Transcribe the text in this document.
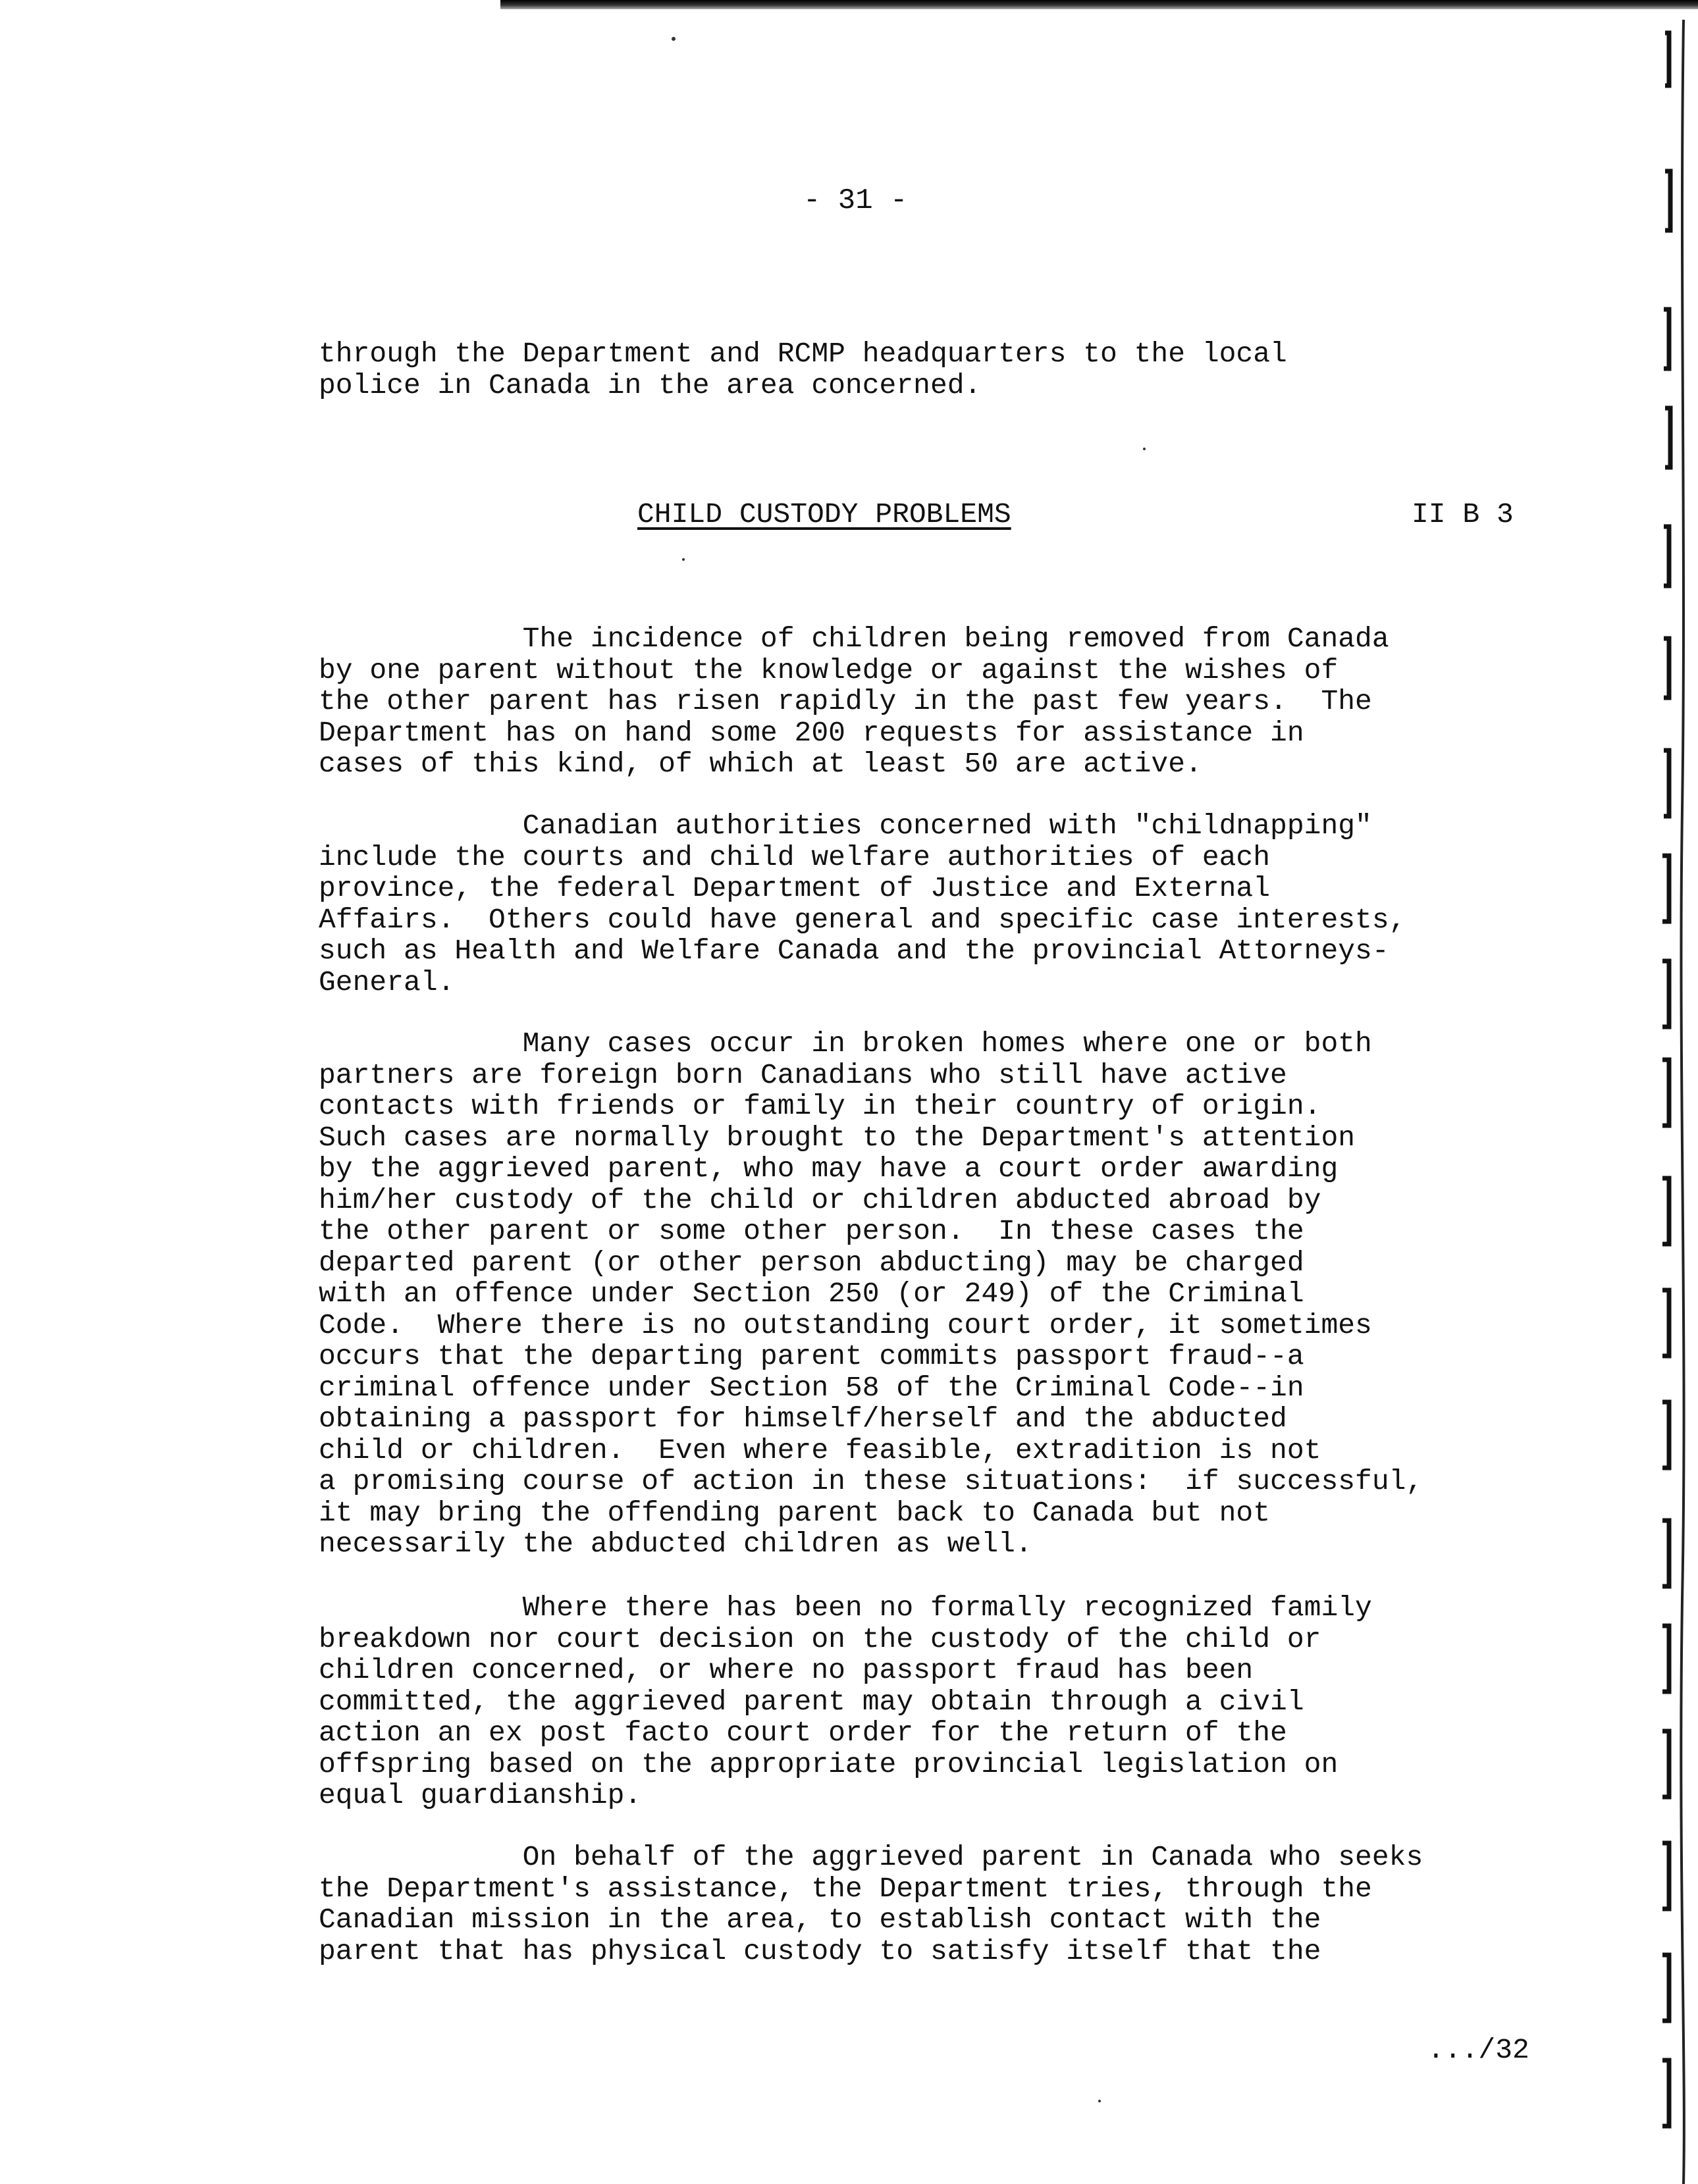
- 31 -

through the Department and RCMP headquarters to the local
police in Canada in the area concerned.

CHILD CUSTODY PROBLEMS	II B 3

The incidence of children being removed from Canada
by one parent without the knowledge or against the wishes of
the other parent has risen rapidly in the past few years.  The
Department has on hand some 200 requests for assistance in
cases of this kind, of which at least 50 are active.

Canadian authorities concerned with "childnapping"
include the courts and child welfare authorities of each
province, the federal Department of Justice and External
Affairs.  Others could have general and specific case interests,
such as Health and Welfare Canada and the provincial Attorneys-
General.

Many cases occur in broken homes where one or both
partners are foreign born Canadians who still have active
contacts with friends or family in their country of origin.
Such cases are normally brought to the Department's attention
by the aggrieved parent, who may have a court order awarding
him/her custody of the child or children abducted abroad by
the other parent or some other person.  In these cases the
departed parent (or other person abducting) may be charged
with an offence under Section 250 (or 249) of the Criminal
Code.  Where there is no outstanding court order, it sometimes
occurs that the departing parent commits passport fraud--a
criminal offence under Section 58 of the Criminal Code--in
obtaining a passport for himself/herself and the abducted
child or children.  Even where feasible, extradition is not
a promising course of action in these situations:  if successful,
it may bring the offending parent back to Canada but not
necessarily the abducted children as well.

Where there has been no formally recognized family
breakdown nor court decision on the custody of the child or
children concerned, or where no passport fraud has been
committed, the aggrieved parent may obtain through a civil
action an ex post facto court order for the return of the
offspring based on the appropriate provincial legislation on
equal guardianship.

On behalf of the aggrieved parent in Canada who seeks
the Department's assistance, the Department tries, through the
Canadian mission in the area, to establish contact with the
parent that has physical custody to satisfy itself that the

.../32
